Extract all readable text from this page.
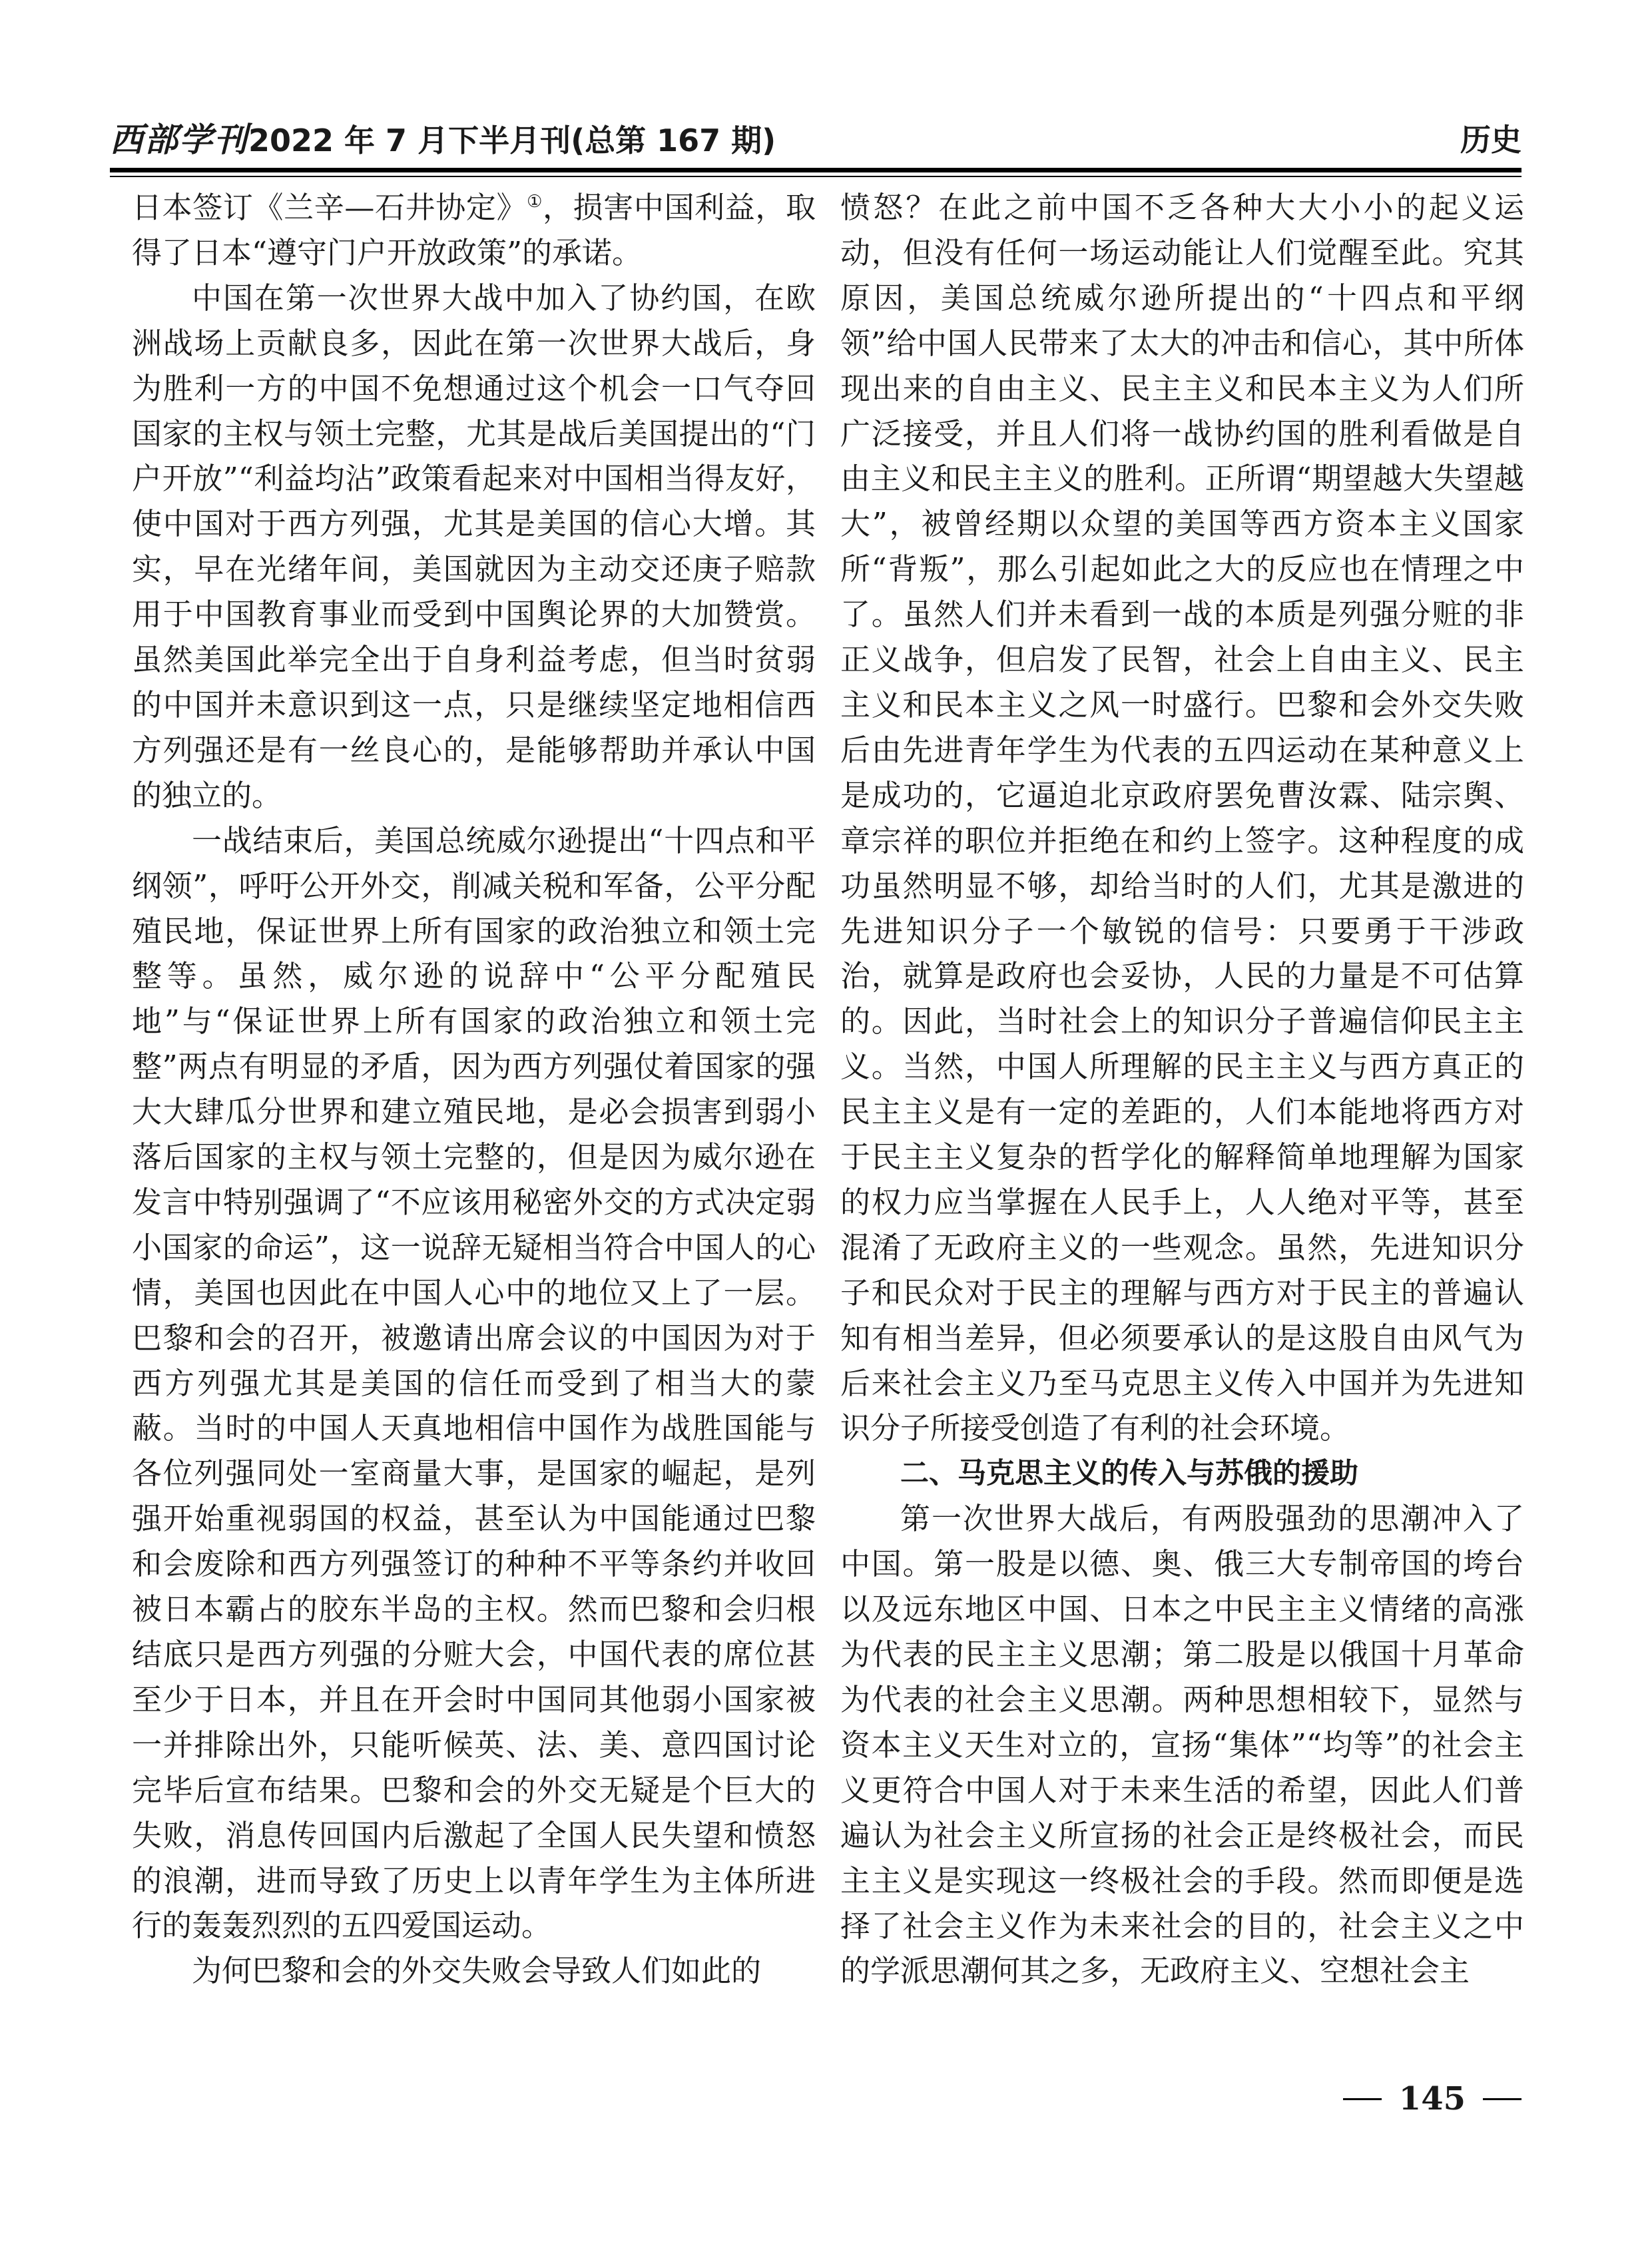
西部学刊2022 年 7 月下半月刊(总第 167 期)	历史

日本签订《兰辛—石井协定》①，损害中国利益，取得了日本“遵守门户开放政策”的承诺。

中国在第一次世界大战中加入了协约国，在欧洲战场上贡献良多，因此在第一次世界大战后，身为胜利一方的中国不免想通过这个机会一口气夺回国家的主权与领土完整，尤其是战后美国提出的“门户开放”“利益均沾”政策看起来对中国相当得友好，使中国对于西方列强，尤其是美国的信心大增。其实，早在光绪年间，美国就因为主动交还庚子赔款用于中国教育事业而受到中国舆论界的大加赞赏。虽然美国此举完全出于自身利益考虑，但当时贫弱的中国并未意识到这一点，只是继续坚定地相信西方列强还是有一丝良心的，是能够帮助并承认中国的独立的。

一战结束后，美国总统威尔逊提出“十四点和平纲领”，呼吁公开外交，削减关税和军备，公平分配殖民地，保证世界上所有国家的政治独立和领土完整等。虽然，威尔逊的说辞中“公平分配殖民地”与“保证世界上所有国家的政治独立和领土完整”两点有明显的矛盾，因为西方列强仗着国家的强大大肆瓜分世界和建立殖民地，是必会损害到弱小落后国家的主权与领土完整的，但是因为威尔逊在发言中特别强调了“不应该用秘密外交的方式决定弱小国家的命运”，这一说辞无疑相当符合中国人的心情，美国也因此在中国人心中的地位又上了一层。巴黎和会的召开，被邀请出席会议的中国因为对于西方列强尤其是美国的信任而受到了相当大的蒙蔽。当时的中国人天真地相信中国作为战胜国能与各位列强同处一室商量大事，是国家的崛起，是列强开始重视弱国的权益，甚至认为中国能通过巴黎和会废除和西方列强签订的种种不平等条约并收回被日本霸占的胶东半岛的主权。然而巴黎和会归根结底只是西方列强的分赃大会，中国代表的席位甚至少于日本，并且在开会时中国同其他弱小国家被一并排除出外，只能听候英、法、美、意四国讨论完毕后宣布结果。巴黎和会的外交无疑是个巨大的失败，消息传回国内后激起了全国人民失望和愤怒的浪潮，进而导致了历史上以青年学生为主体所进行的轰轰烈烈的五四爱国运动。

为何巴黎和会的外交失败会导致人们如此的

愤怒？在此之前中国不乏各种大大小小的起义运动，但没有任何一场运动能让人们觉醒至此。究其原因，美国总统威尔逊所提出的“十四点和平纲领”给中国人民带来了太大的冲击和信心，其中所体现出来的自由主义、民主主义和民本主义为人们所广泛接受，并且人们将一战协约国的胜利看做是自由主义和民主主义的胜利。正所谓“期望越大失望越大”，被曾经期以众望的美国等西方资本主义国家所“背叛”，那么引起如此之大的反应也在情理之中了。虽然人们并未看到一战的本质是列强分赃的非正义战争，但启发了民智，社会上自由主义、民主主义和民本主义之风一时盛行。巴黎和会外交失败后由先进青年学生为代表的五四运动在某种意义上是成功的，它逼迫北京政府罢免曹汝霖、陆宗舆、章宗祥的职位并拒绝在和约上签字。这种程度的成功虽然明显不够，却给当时的人们，尤其是激进的先进知识分子一个敏锐的信号：只要勇于干涉政治，就算是政府也会妥协，人民的力量是不可估算的。因此，当时社会上的知识分子普遍信仰民主主义。当然，中国人所理解的民主主义与西方真正的民主主义是有一定的差距的，人们本能地将西方对于民主主义复杂的哲学化的解释简单地理解为国家的权力应当掌握在人民手上，人人绝对平等，甚至混淆了无政府主义的一些观念。虽然，先进知识分子和民众对于民主的理解与西方对于民主的普遍认知有相当差异，但必须要承认的是这股自由风气为后来社会主义乃至马克思主义传入中国并为先进知识分子所接受创造了有利的社会环境。

二、马克思主义的传入与苏俄的援助

第一次世界大战后，有两股强劲的思潮冲入了中国。第一股是以德、奥、俄三大专制帝国的垮台以及远东地区中国、日本之中民主主义情绪的高涨为代表的民主主义思潮；第二股是以俄国十月革命为代表的社会主义思潮。两种思想相较下，显然与资本主义天生对立的，宣扬“集体”“均等”的社会主义更符合中国人对于未来生活的希望，因此人们普遍认为社会主义所宣扬的社会正是终极社会，而民主主义是实现这一终极社会的手段。然而即便是选择了社会主义作为未来社会的目的，社会主义之中的学派思潮何其之多，无政府主义、空想社会主

145
